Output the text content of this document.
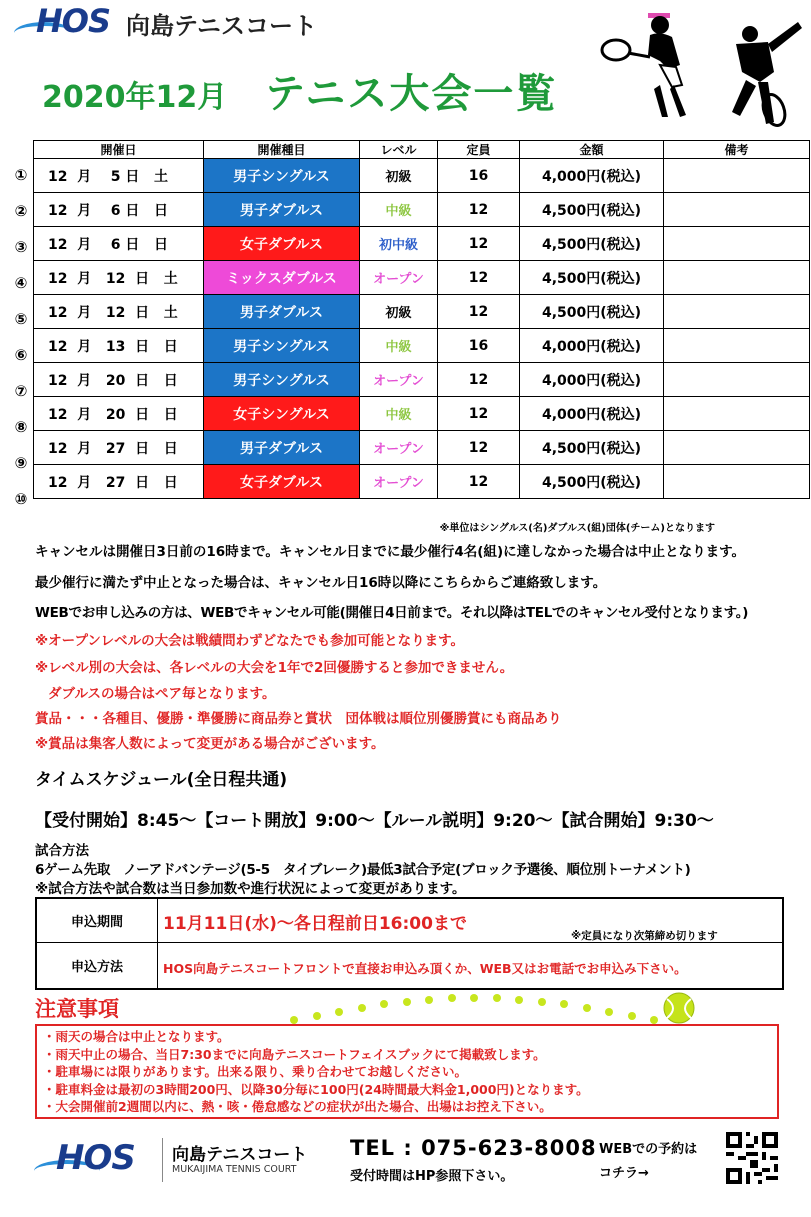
HOS 向島テニスコート
2020年12月 テニス大会一覧
開催日	開催種目	レベル	定員	金額	備考
12  月    5 日   土	男子シングルス	初級	16	4,000円(税込)	
12  月    6 日   日	男子ダブルス	中級	12	4,500円(税込)	
12  月    6 日   日	女子ダブルス	初中級	12	4,500円(税込)	
12  月   12  日   土	ミックスダブルス	オープン	12	4,500円(税込)	
12  月   12  日   土	男子ダブルス	初級	12	4,500円(税込)	
12  月   13  日   日	男子シングルス	中級	16	4,000円(税込)	
12  月   20  日   日	男子シングルス	オープン	12	4,000円(税込)	
12  月   20  日   日	女子シングルス	中級	12	4,000円(税込)	
12  月   27  日   日	男子ダブルス	オープン	12	4,500円(税込)	
12  月   27  日   日	女子ダブルス	オープン	12	4,500円(税込)	
①
②
③
④
⑤
⑥
⑦
⑧
⑨
⑩
※単位はシングルス(名)ダブルス(組)団体(チーム)となります
キャンセルは開催日3日前の16時まで。キャンセル日までに最少催行4名(組)に達しなかった場合は中止となります。
最少催行に満たず中止となった場合は、キャンセル日16時以降にこちらからご連絡致します。
WEBでお申し込みの方は、WEBでキャンセル可能(開催日4日前まで。それ以降はTELでのキャンセル受付となります。)
※オープンレベルの大会は戦績問わずどなたでも参加可能となります。
※レベル別の大会は、各レベルの大会を1年で2回優勝すると参加できません。
ダブルスの場合はペア毎となります。
賞品・・・各種目、優勝・準優勝に商品券と賞状　団体戦は順位別優勝賞にも商品あり
※賞品は集客人数によって変更がある場合がございます。
タイムスケジュール(全日程共通)
【受付開始】8:45～【コート開放】9:00～【ルール説明】9:20～【試合開始】9:30～
試合方法
6ゲーム先取　ノーアドバンテージ(5-5　タイブレーク)最低3試合予定(ブロック予選後、順位別トーナメント)
※試合方法や試合数は当日参加数や進行状況によって変更があります。
申込期間	11月11日(水)～各日程前日16:00まで
※定員になり次第締め切ります
申込方法	HOS向島テニスコートフロントで直接お申込み頂くか、WEB又はお電話でお申込み下さい。
注意事項
・雨天の場合は中止となります。
・雨天中止の場合、当日7:30までに向島テニスコートフェイスブックにて掲載致します。
・駐車場には限りがあります。出来る限り、乗り合わせてお越しください。
・駐車料金は最初の3時間200円、以降30分毎に100円(24時間最大料金1,000円)となります。
・大会開催前2週間以内に、熱・咳・倦怠感などの症状が出た場合、出場はお控え下さい。
HOS 向島テニスコート
MUKAIJIMA TENNIS COURT
TEL : 075-623-8008
受付時間はHP参照下さい。
WEBでの予約は
コチラ→
